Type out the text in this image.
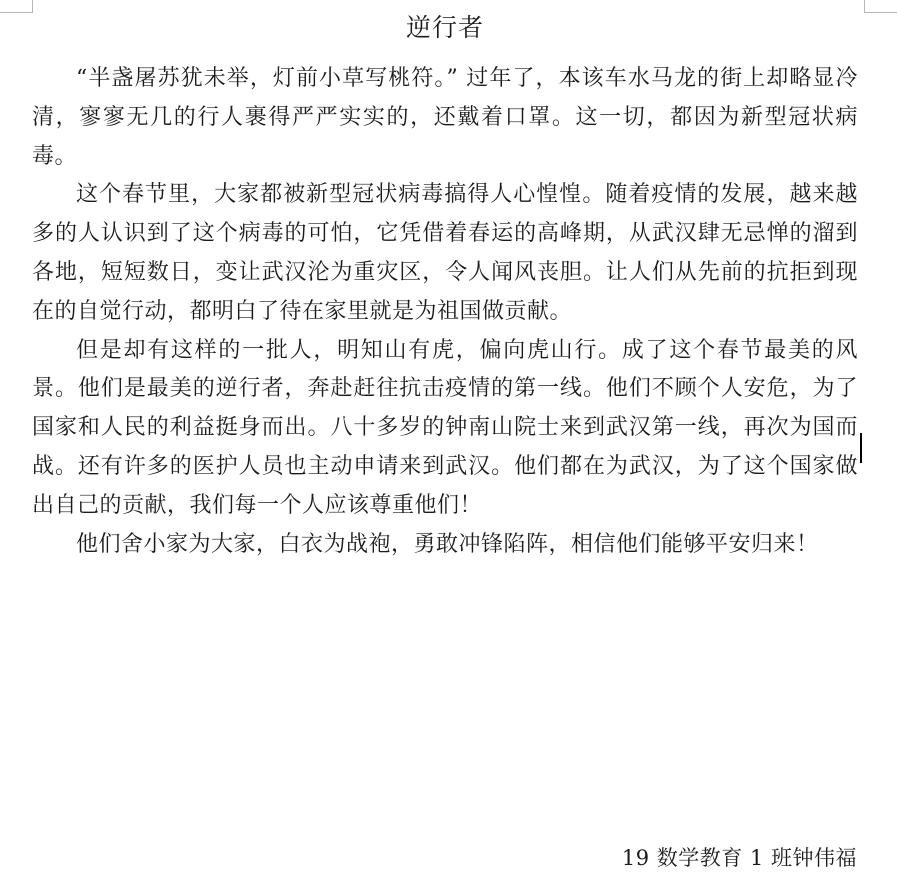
逆行者

“半盏屠苏犹未举，灯前小草写桃符。” 过年了，本该车水马龙的街上却略显冷清，寥寥无几的行人裹得严严实实的，还戴着口罩。这一切，都因为新型冠状病毒。

这个春节里，大家都被新型冠状病毒搞得人心惶惶。随着疫情的发展，越来越多的人认识到了这个病毒的可怕，它凭借着春运的高峰期，从武汉肆无忌惮的溜到各地，短短数日，变让武汉沦为重灾区，令人闻风丧胆。让人们从先前的抗拒到现在的自觉行动，都明白了待在家里就是为祖国做贡献。

但是却有这样的一批人，明知山有虎，偏向虎山行。成了这个春节最美的风景。他们是最美的逆行者，奔赴赶往抗击疫情的第一线。他们不顾个人安危，为了国家和人民的利益挺身而出。八十多岁的钟南山院士来到武汉第一线，再次为国而战。还有许多的医护人员也主动申请来到武汉。他们都在为武汉，为了这个国家做出自己的贡献，我们每一个人应该尊重他们！

他们舍小家为大家，白衣为战袍，勇敢冲锋陷阵，相信他们能够平安归来！

19 数学教育 1 班钟伟福
